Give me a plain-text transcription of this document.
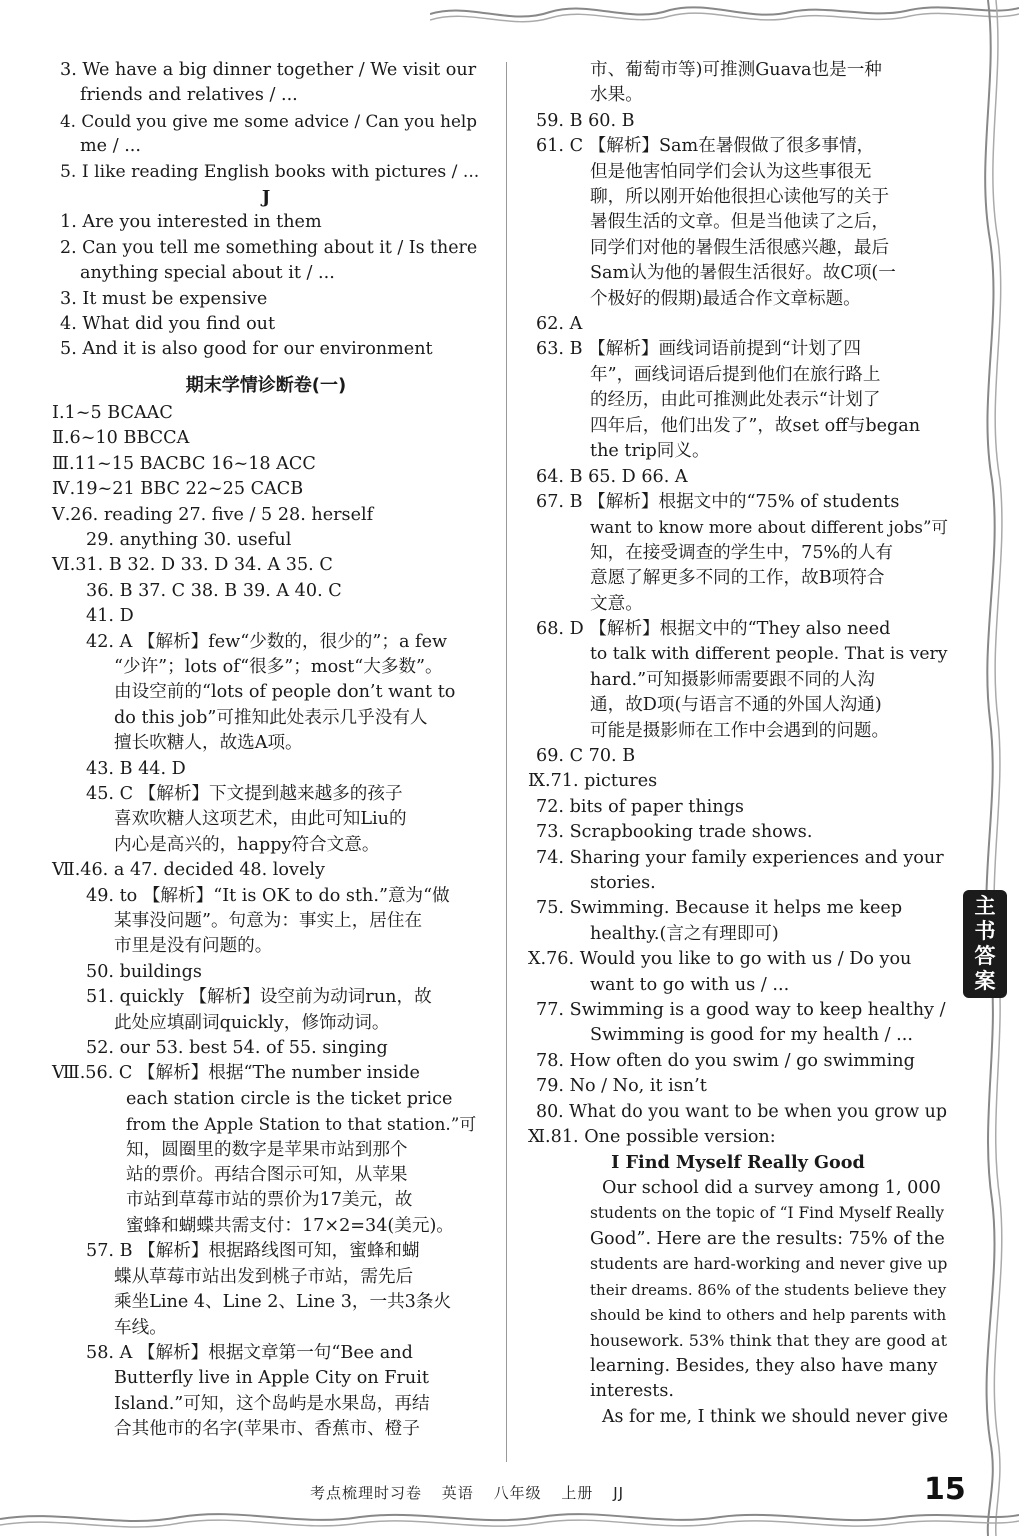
3. We have a big dinner together / We visit our
friends and relatives / ...
4. Could you give me some advice / Can you help
me / ...
5. I like reading English books with pictures / ...
J
1. Are you interested in them
2. Can you tell me something about it / Is there
anything special about it / ...
3. It must be expensive
4. What did you find out
5. And it is also good for our environment
期末学情诊断卷(一)
Ⅰ.1~5 BCAAC
Ⅱ.6~10 BBCCA
Ⅲ.11~15 BACBC 16~18 ACC
Ⅳ.19~21 BBC 22~25 CACB
Ⅴ.26. reading 27. five / 5 28. herself
29. anything 30. useful
Ⅵ.31. B 32. D 33. D 34. A 35. C
36. B 37. C 38. B 39. A 40. C
41. D
42. A 【解析】few“少数的，很少的”；a few
“少许”；lots of“很多”；most“大多数”。
由设空前的“lots of people don’t want to
do this job”可推知此处表示几乎没有人
擅长吹糖人，故选A项。
43. B 44. D
45. C 【解析】下文提到越来越多的孩子
喜欢吹糖人这项艺术，由此可知Liu的
内心是高兴的，happy符合文意。
Ⅶ.46. a 47. decided 48. lovely
49. to 【解析】“It is OK to do sth.”意为“做
某事没问题”。句意为：事实上，居住在
市里是没有问题的。
50. buildings
51. quickly 【解析】设空前为动词run，故
此处应填副词quickly，修饰动词。
52. our 53. best 54. of 55. singing
Ⅷ.56. C 【解析】根据“The number inside
each station circle is the ticket price
from the Apple Station to that station.”可
知，圆圈里的数字是苹果市站到那个
站的票价。再结合图示可知，从苹果
市站到草莓市站的票价为17美元，故
蜜蜂和蝴蝶共需支付：17×2=34(美元)。
57. B 【解析】根据路线图可知，蜜蜂和蝴
蝶从草莓市站出发到桃子市站，需先后
乘坐Line 4、Line 2、Line 3，一共3条火
车线。
58. A 【解析】根据文章第一句“Bee and
Butterfly live in Apple City on Fruit
Island.”可知，这个岛屿是水果岛，再结
合其他市的名字(苹果市、香蕉市、橙子
市、葡萄市等)可推测Guava也是一种
水果。
59. B 60. B
61. C 【解析】Sam在暑假做了很多事情，
但是他害怕同学们会认为这些事很无
聊，所以刚开始他很担心读他写的关于
暑假生活的文章。但是当他读了之后，
同学们对他的暑假生活很感兴趣，最后
Sam认为他的暑假生活很好。故C项(一
个极好的假期)最适合作文章标题。
62. A
63. B 【解析】画线词语前提到“计划了四
年”，画线词语后提到他们在旅行路上
的经历，由此可推测此处表示“计划了
四年后，他们出发了”，故set off与began
the trip同义。
64. B 65. D 66. A
67. B 【解析】根据文中的“75% of students
want to know more about different jobs”可
知，在接受调查的学生中，75%的人有
意愿了解更多不同的工作，故B项符合
文意。
68. D 【解析】根据文中的“They also need
to talk with different people. That is very
hard.”可知摄影师需要跟不同的人沟
通，故D项(与语言不通的外国人沟通)
可能是摄影师在工作中会遇到的问题。
69. C 70. B
Ⅸ.71. pictures
72. bits of paper things
73. Scrapbooking trade shows.
74. Sharing your family experiences and your
stories.
75. Swimming. Because it helps me keep
healthy.(言之有理即可)
Ⅹ.76. Would you like to go with us / Do you
want to go with us / ...
77. Swimming is a good way to keep healthy /
Swimming is good for my health / ...
78. How often do you swim / go swimming
79. No / No, it isn’t
80. What do you want to be when you grow up
Ⅺ.81. One possible version:
I Find Myself Really Good
Our school did a survey among 1, 000
students on the topic of “I Find Myself Really
Good”. Here are the results: 75% of the
students are hard-working and never give up
their dreams. 86% of the students believe they
should be kind to others and help parents with
housework. 53% think that they are good at
learning. Besides, they also have many
interests.
As for me, I think we should never give
主
书
答
案
考点梳理时习卷 英语 八年级 上册 JJ	15
